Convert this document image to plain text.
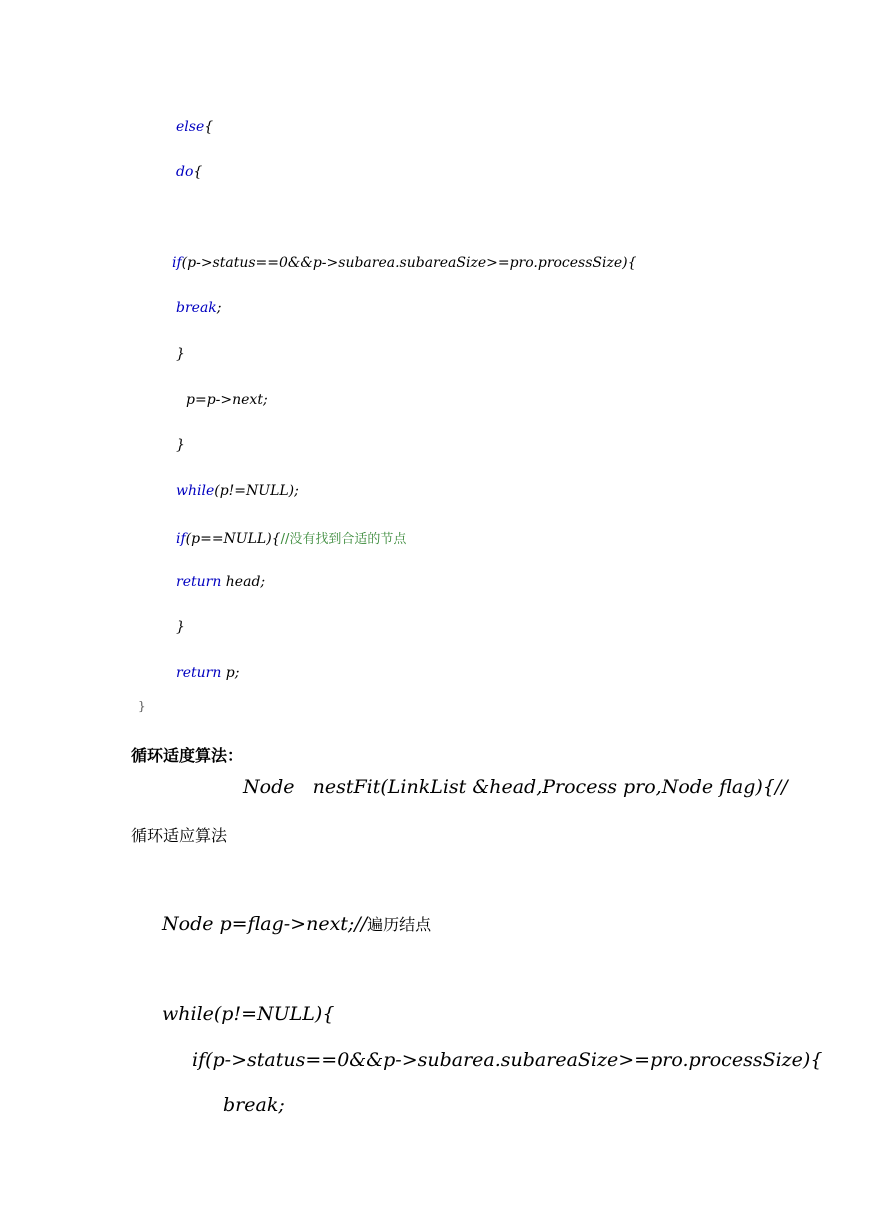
else{
do{
if(p->status==0&&p->subarea.subareaSize>=pro.processSize){
break;
}
p=p->next;
}
while(p!=NULL);
if(p==NULL){//没有找到合适的节点
return head;
}
return p;
}
循环适度算法：
Node   nestFit(LinkList &head,Process pro,Node flag){//
循环适应算法
Node p=flag->next;//遍历结点
while(p!=NULL){
if(p->status==0&&p->subarea.subareaSize>=pro.processSize){
break;
